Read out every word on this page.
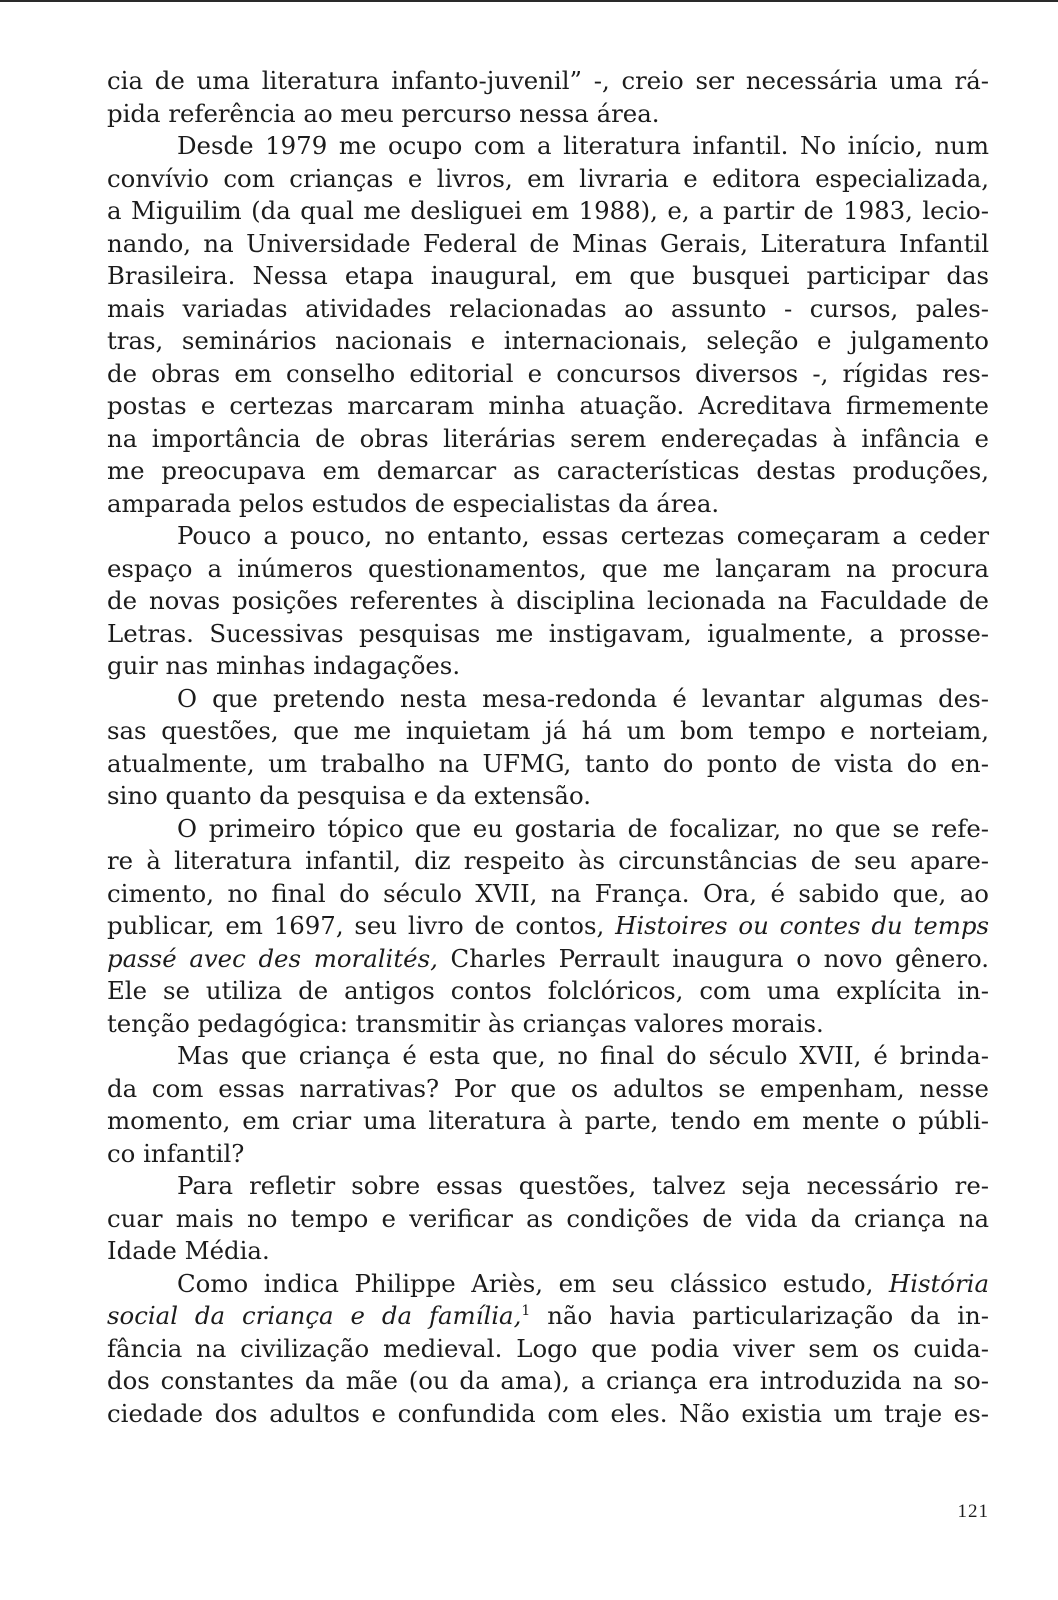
cia de uma literatura infanto-juvenil” -, creio ser necessária uma rá-
pida referência ao meu percurso nessa área.
Desde 1979 me ocupo com a literatura infantil. No início, num
convívio com crianças e livros, em livraria e editora especializada,
a Miguilim (da qual me desliguei em 1988), e, a partir de 1983, lecio-
nando, na Universidade Federal de Minas Gerais, Literatura Infantil
Brasileira. Nessa etapa inaugural, em que busquei participar das
mais variadas atividades relacionadas ao assunto - cursos, pales-
tras, seminários nacionais e internacionais, seleção e julgamento
de obras em conselho editorial e concursos diversos -, rígidas res-
postas e certezas marcaram minha atuação. Acreditava firmemente
na importância de obras literárias serem endereçadas à infância e
me preocupava em demarcar as características destas produções,
amparada pelos estudos de especialistas da área.
Pouco a pouco, no entanto, essas certezas começaram a ceder
espaço a inúmeros questionamentos, que me lançaram na procura
de novas posições referentes à disciplina lecionada na Faculdade de
Letras. Sucessivas pesquisas me instigavam, igualmente, a prosse-
guir nas minhas indagações.
O que pretendo nesta mesa-redonda é levantar algumas des-
sas questões, que me inquietam já há um bom tempo e norteiam,
atualmente, um trabalho na UFMG, tanto do ponto de vista do en-
sino quanto da pesquisa e da extensão.
O primeiro tópico que eu gostaria de focalizar, no que se refe-
re à literatura infantil, diz respeito às circunstâncias de seu apare-
cimento, no final do século XVII, na França. Ora, é sabido que, ao
publicar, em 1697, seu livro de contos, Histoires ou contes du temps
passé avec des moralités, Charles Perrault inaugura o novo gênero.
Ele se utiliza de antigos contos folclóricos, com uma explícita in-
tenção pedagógica: transmitir às crianças valores morais.
Mas que criança é esta que, no final do século XVII, é brinda-
da com essas narrativas? Por que os adultos se empenham, nesse
momento, em criar uma literatura à parte, tendo em mente o públi-
co infantil?
Para refletir sobre essas questões, talvez seja necessário re-
cuar mais no tempo e verificar as condições de vida da criança na
Idade Média.
Como indica Philippe Ariès, em seu clássico estudo, História
social da criança e da família,$^1$ não havia particularização da in-
fância na civilização medieval. Logo que podia viver sem os cuida-
dos constantes da mãe (ou da ama), a criança era introduzida na so-
ciedade dos adultos e confundida com eles. Não existia um traje es-
121
